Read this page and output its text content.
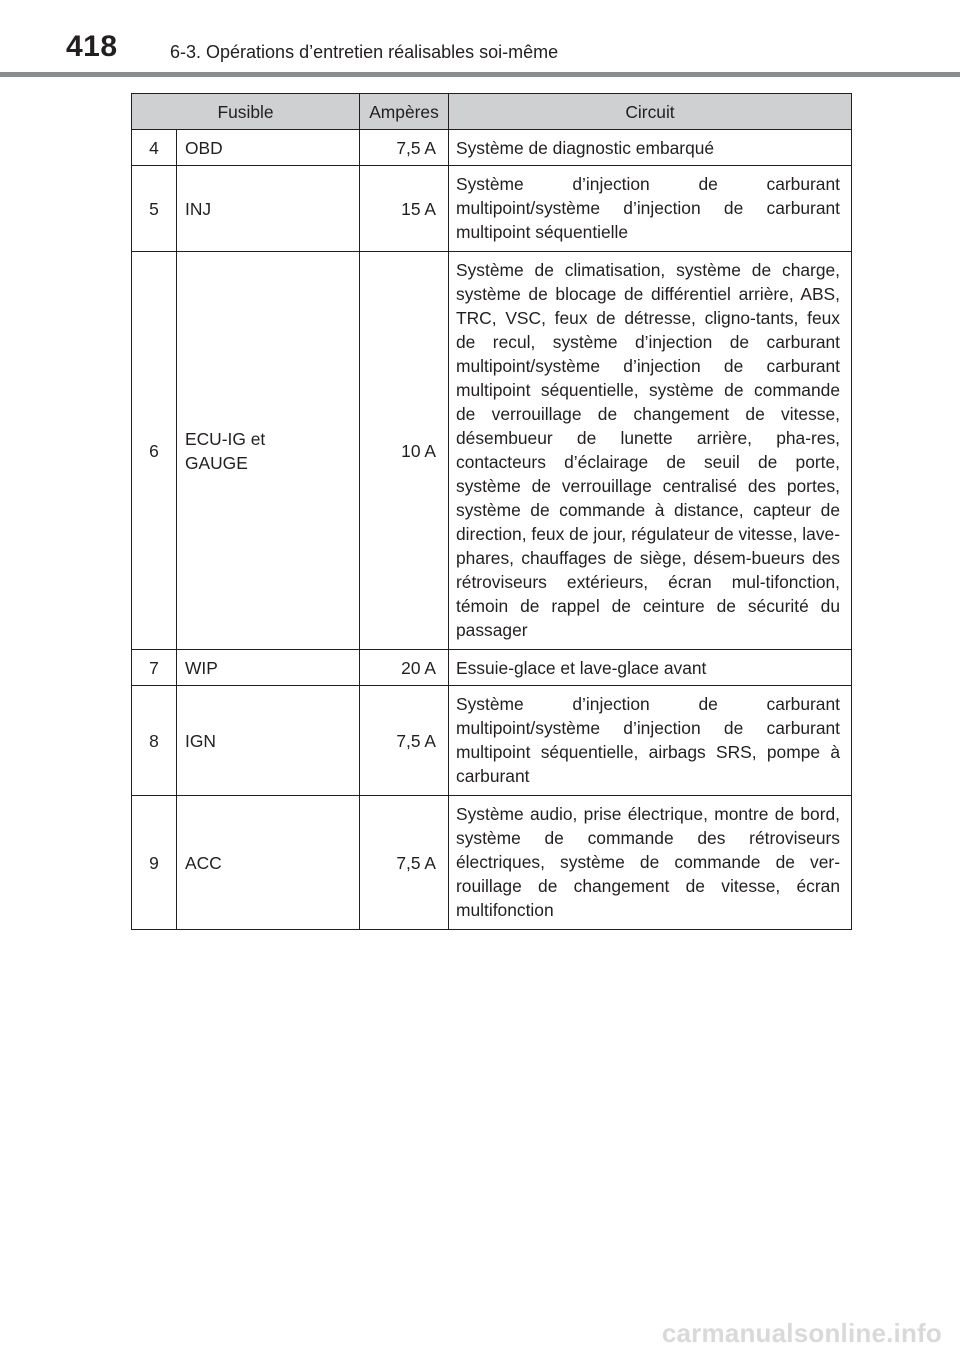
418	6-3. Opérations d’entretien réalisables soi-même
Fusible		Ampères	Circuit
4	OBD	7,5 A	Système de diagnostic embarqué
5	INJ	15 A	Système d’injection de carburant multipoint/système d’injection de carburant multipoint séquentielle
6	ECU-IG et GAUGE	10 A	Système de climatisation, système de charge, système de blocage de différentiel arrière, ABS, TRC, VSC, feux de détresse, cligno-tants, feux de recul, système d’injection de carburant multipoint/système d’injection de carburant multipoint séquentielle, système de commande de verrouillage de changement de vitesse, désembueur de lunette arrière, pha-res, contacteurs d’éclairage de seuil de porte, système de verrouillage centralisé des portes, système de commande à distance, capteur de direction, feux de jour, régulateur de vitesse, lave-phares, chauffages de siège, désem-bueurs des rétroviseurs extérieurs, écran mul-tifonction, témoin de rappel de ceinture de sécurité du passager
7	WIP	20 A	Essuie-glace et lave-glace avant
8	IGN	7,5 A	Système d’injection de carburant multipoint/système d’injection de carburant multipoint séquentielle, airbags SRS, pompe à carburant
9	ACC	7,5 A	Système audio, prise électrique, montre de bord, système de commande des rétroviseurs électriques, système de commande de ver-rouillage de changement de vitesse, écran multifonction
carmanualsonline.info
